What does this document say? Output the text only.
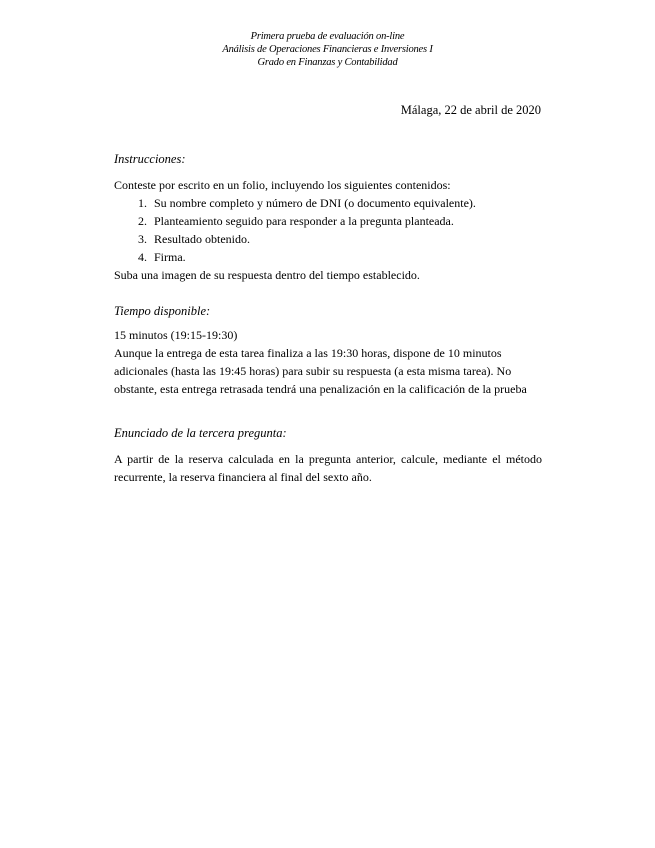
Primera prueba de evaluación on-line
Análisis de Operaciones Financieras e Inversiones I
Grado en Finanzas y Contabilidad
Málaga, 22 de abril de 2020

Instrucciones:

Conteste por escrito en un folio, incluyendo los siguientes contenidos:

1. Su nombre completo y número de DNI (o documento equivalente).
2. Planteamiento seguido para responder a la pregunta planteada.
3. Resultado obtenido.
4. Firma.

Suba una imagen de su respuesta dentro del tiempo establecido.

Tiempo disponible:

15 minutos (19:15-19:30)

Aunque la entrega de esta tarea finaliza a las 19:30 horas, dispone de 10 minutos adicionales (hasta las 19:45 horas) para subir su respuesta (a esta misma tarea). No obstante, esta entrega retrasada tendrá una penalización en la calificación de la prueba

Enunciado de la tercera pregunta:

A partir de la reserva calculada en la pregunta anterior, calcule, mediante el método recurrente, la reserva financiera al final del sexto año.
